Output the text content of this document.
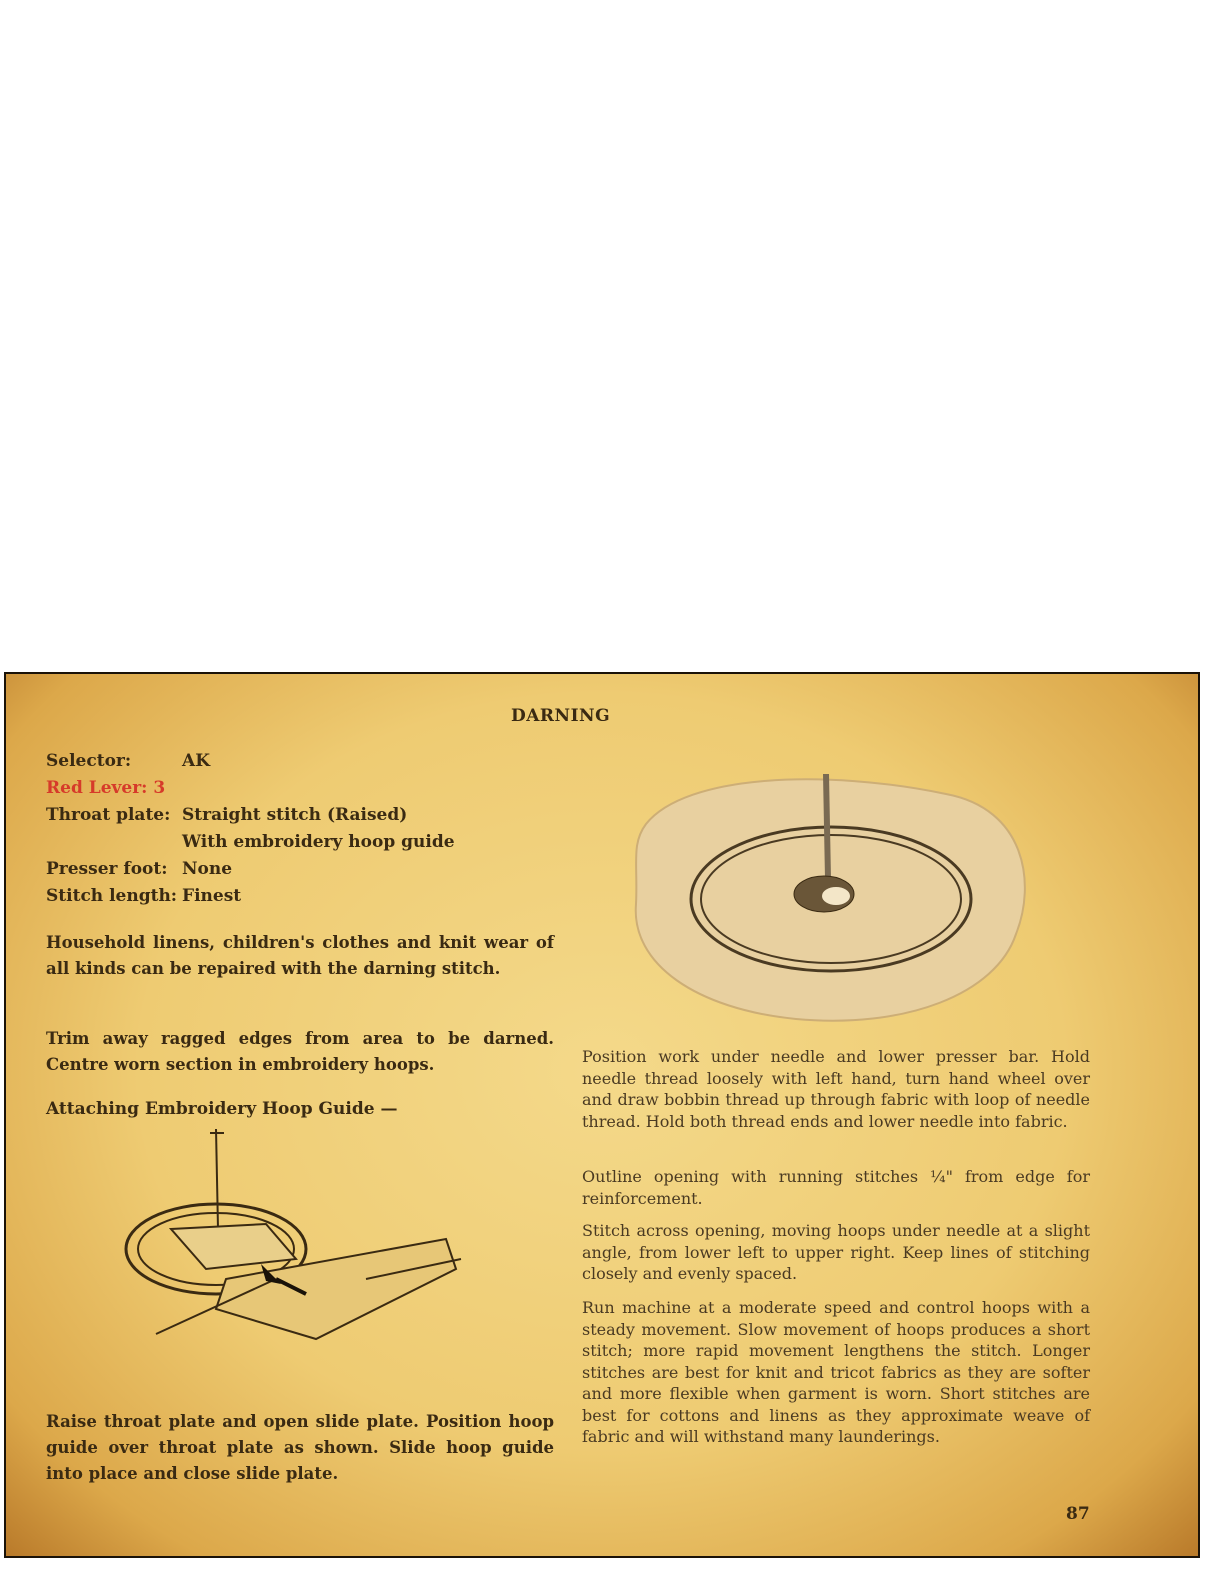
DARNING
Selector:	AK
Red Lever:
3
Throat plate: Straight stitch (Raised)
With embroidery hoop guide
Presser foot: None
Stitch length: Finest
Household linens, children's clothes and knit wear of all kinds can be repaired with the darning stitch.
Trim away ragged edges from area to be darned. Centre worn section in embroidery hoops.
Attaching Embroidery Hoop Guide —
Raise throat plate and open slide plate. Position hoop guide over throat plate as shown. Slide hoop guide into place and close slide plate.
Position work under needle and lower presser bar. Hold needle thread loosely with left hand, turn hand wheel over and draw bobbin thread up through fabric with loop of needle thread. Hold both thread ends and lower needle into fabric.
Outline opening with running stitches ¼" from edge for reinforcement.
Stitch across opening, moving hoops under needle at a slight angle, from lower left to upper right. Keep lines of stitching closely and evenly spaced.
Run machine at a moderate speed and control hoops with a steady movement. Slow movement of hoops produces a short stitch; more rapid movement lengthens the stitch. Longer stitches are best for knit and tricot fabrics as they are softer and more flexible when garment is worn. Short stitches are best for cottons and linens as they approximate weave of fabric and will withstand many launderings.
87
